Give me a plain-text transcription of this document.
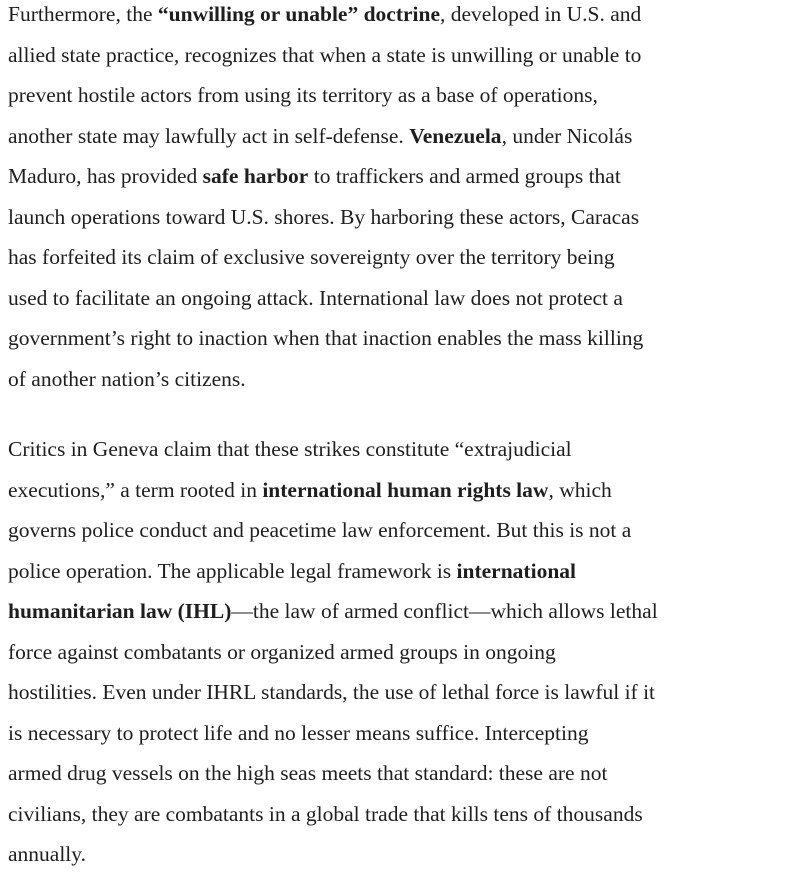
Furthermore, the “unwilling or unable” doctrine, developed in U.S. and
allied state practice, recognizes that when a state is unwilling or unable to
prevent hostile actors from using its territory as a base of operations,
another state may lawfully act in self-defense. Venezuela, under Nicolás
Maduro, has provided safe harbor to traffickers and armed groups that
launch operations toward U.S. shores. By harboring these actors, Caracas
has forfeited its claim of exclusive sovereignty over the territory being
used to facilitate an ongoing attack. International law does not protect a
government’s right to inaction when that inaction enables the mass killing
of another nation’s citizens.
Critics in Geneva claim that these strikes constitute “extrajudicial
executions,” a term rooted in international human rights law, which
governs police conduct and peacetime law enforcement. But this is not a
police operation. The applicable legal framework is international
humanitarian law (IHL)—the law of armed conflict—which allows lethal
force against combatants or organized armed groups in ongoing
hostilities. Even under IHRL standards, the use of lethal force is lawful if it
is necessary to protect life and no lesser means suffice. Intercepting
armed drug vessels on the high seas meets that standard: these are not
civilians, they are combatants in a global trade that kills tens of thousands
annually.
